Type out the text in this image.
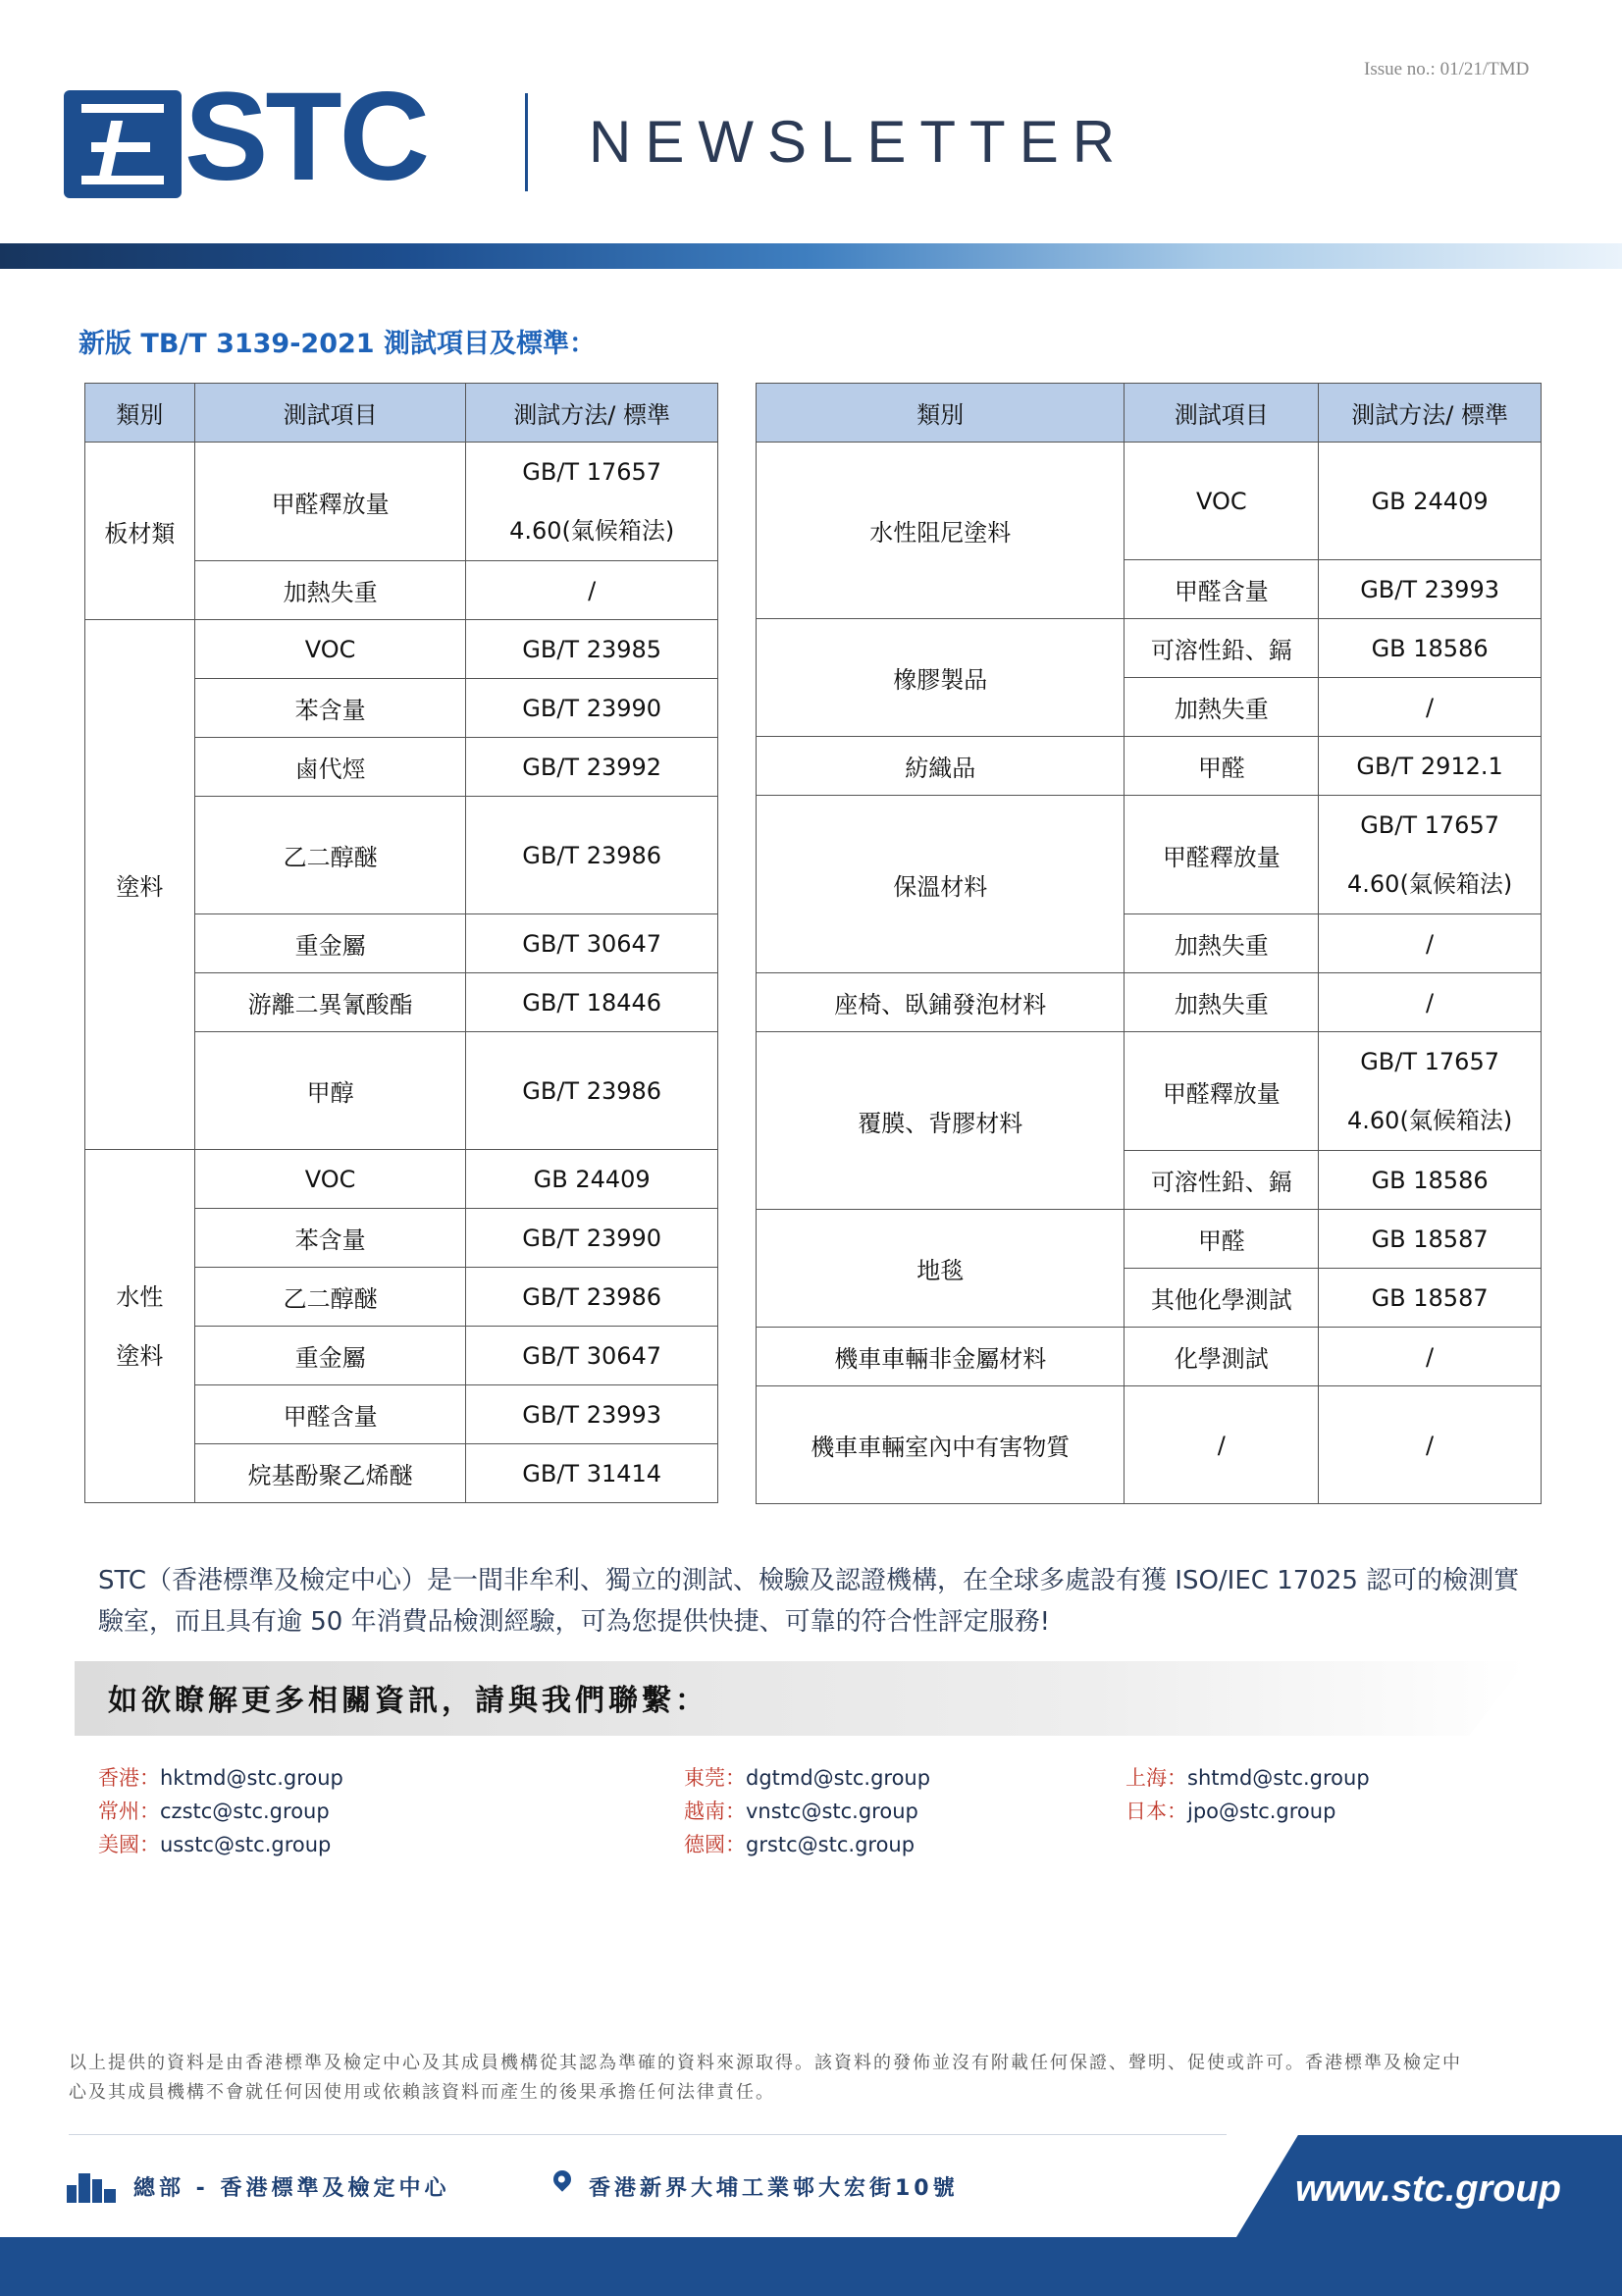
Issue no.: 01/21/TMD
STC	NEWSLETTER
新版 TB/T 3139-2021 測試項目及標準：
類別	測試項目	測試方法/ 標準
板材類	甲醛釋放量	GB/T 17657
4.60(氣候箱法)

	加熱失重	/
塗料	VOC	GB/T 23985
	苯含量	GB/T 23990
	鹵代烴	GB/T 23992
	乙二醇醚	GB/T 23986
	重金屬	GB/T 30647
	游離二異氰酸酯	GB/T 18446
	甲醇	GB/T 23986

水性
塗料	VOC	GB 24409
	苯含量	GB/T 23990
	乙二醇醚	GB/T 23986
	重金屬	GB/T 30647
	甲醛含量	GB/T 23993
	烷基酚聚乙烯醚	GB/T 31414
類別	測試項目	測試方法/ 標準
水性阻尼塗料	VOC	GB 24409
	甲醛含量	GB/T 23993
橡膠製品	可溶性鉛、鎘	GB 18586
	加熱失重	/
紡織品	甲醛	GB/T 2912.1
保溫材料	甲醛釋放量	GB/T 17657
4.60(氣候箱法)

	加熱失重	/
座椅、臥鋪發泡材料	加熱失重	/
覆膜、背膠材料	甲醛釋放量	GB/T 17657
4.60(氣候箱法)

	可溶性鉛、鎘	GB 18586
地毯	甲醛	GB 18587
	其他化學測試	GB 18587
機車車輛非金屬材料	化學測試	/
機車車輛室內中有害物質	/	/
STC（香港標準及檢定中心）是一間非牟利、獨立的測試、檢驗及認證機構，在全球多處設有獲 ISO/IEC 17025 認可的檢測實驗室，而且具有逾 50 年消費品檢測經驗，可為您提供快捷、可靠的符合性評定服務!
如欲瞭解更多相關資訊，請與我們聯繫：
香港：hktmd@stc.group
常州：czstc@stc.group
美國：usstc@stc.group
東莞：dgtmd@stc.group
越南：vnstc@stc.group
德國：grstc@stc.group
上海：shtmd@stc.group
日本：jpo@stc.group
以上提供的資料是由香港標準及檢定中心及其成員機構從其認為準確的資料來源取得。該資料的發佈並沒有附載任何保證、聲明、促使或許可。香港標準及檢定中心及其成員機構不會就任何因使用或依賴該資料而產生的後果承擔任何法律責任。
總部 - 香港標準及檢定中心	香港新界大埔工業邨大宏街10號	www.stc.group
